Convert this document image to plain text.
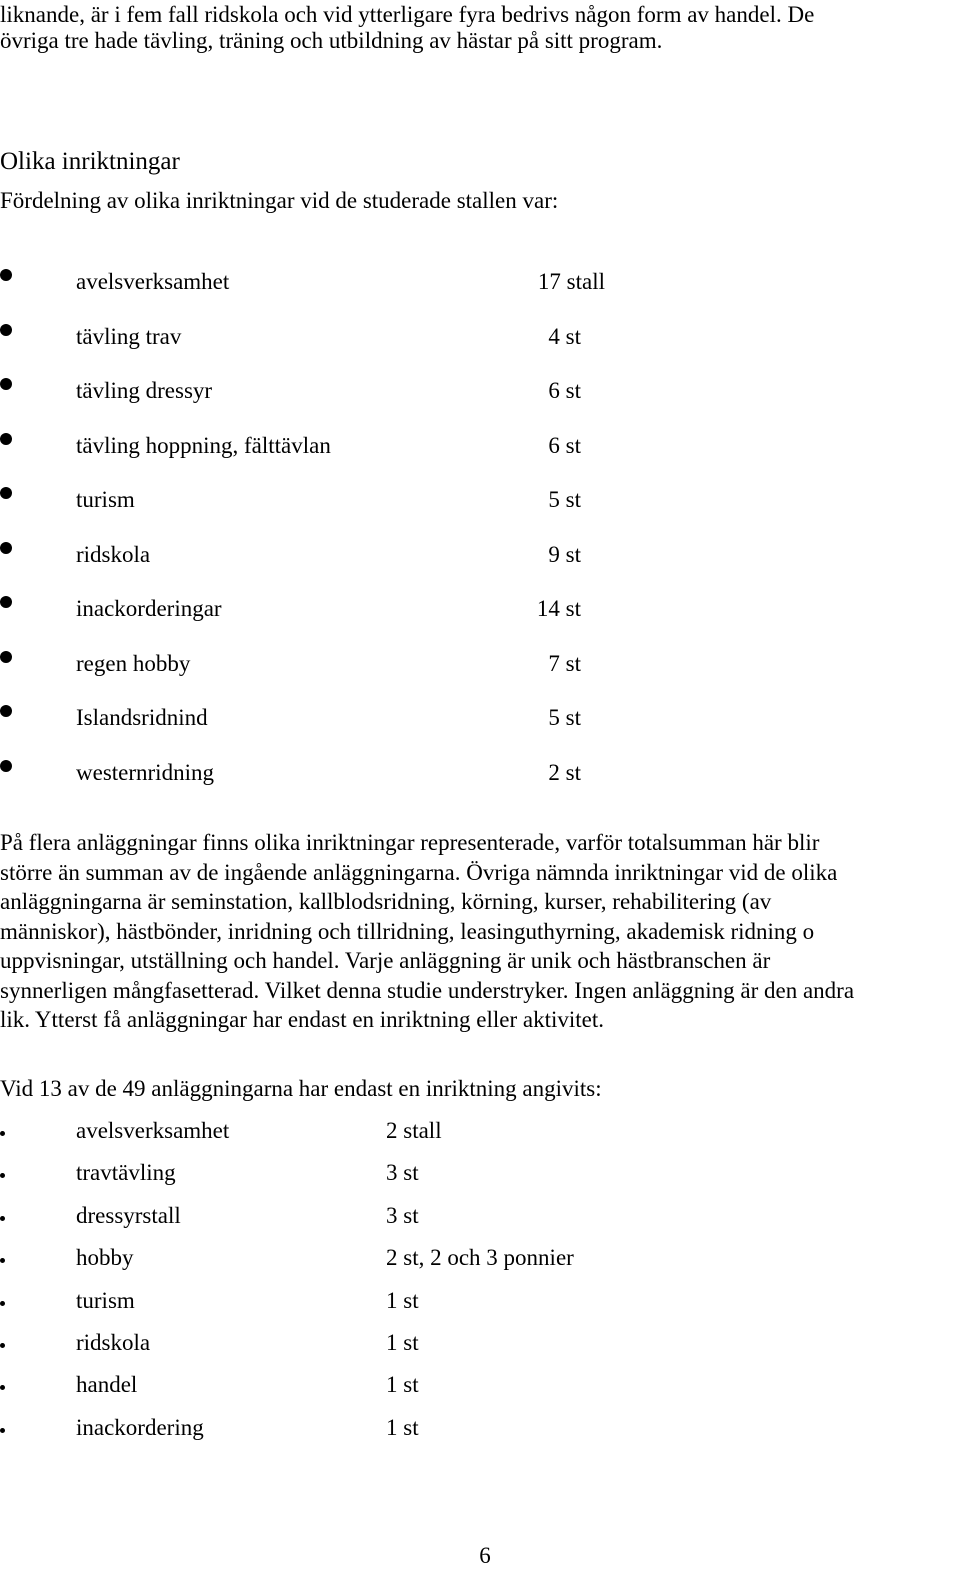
liknande, är i fem fall ridskola och vid ytterligare fyra bedrivs någon form av handel. De
övriga tre hade tävling, träning och utbildning av hästar på sitt program.
Olika inriktningar
Fördelning av olika inriktningar vid de studerade stallen var:
avelsverksamhet	17 stall
tävling trav	4 st
tävling dressyr	6 st
tävling hoppning, fälttävlan	6 st
turism	5 st
ridskola	9 st
inackorderingar	14 st
regen hobby	7 st
Islandsridnind	5 st
westernridning	2 st
På flera anläggningar finns olika inriktningar representerade, varför totalsumman här blir
större än summan av de ingående anläggningarna. Övriga nämnda inriktningar vid de olika
anläggningarna är seminstation, kallblodsridning, körning, kurser, rehabilitering (av
människor), hästbönder, inridning och tillridning, leasinguthyrning, akademisk ridning o
uppvisningar, utställning och handel. Varje anläggning är unik och hästbranschen är
synnerligen mångfasetterad. Vilket denna studie understryker. Ingen anläggning är den andra
lik. Ytterst få anläggningar har endast en inriktning eller aktivitet.
Vid 13 av de 49 anläggningarna har endast en inriktning angivits:
avelsverksamhet	2 stall
travtävling	3 st
dressyrstall	3 st
hobby	2 st, 2 och 3 ponnier
turism	1 st
ridskola	1 st
handel	1 st
inackordering	1 st
6
